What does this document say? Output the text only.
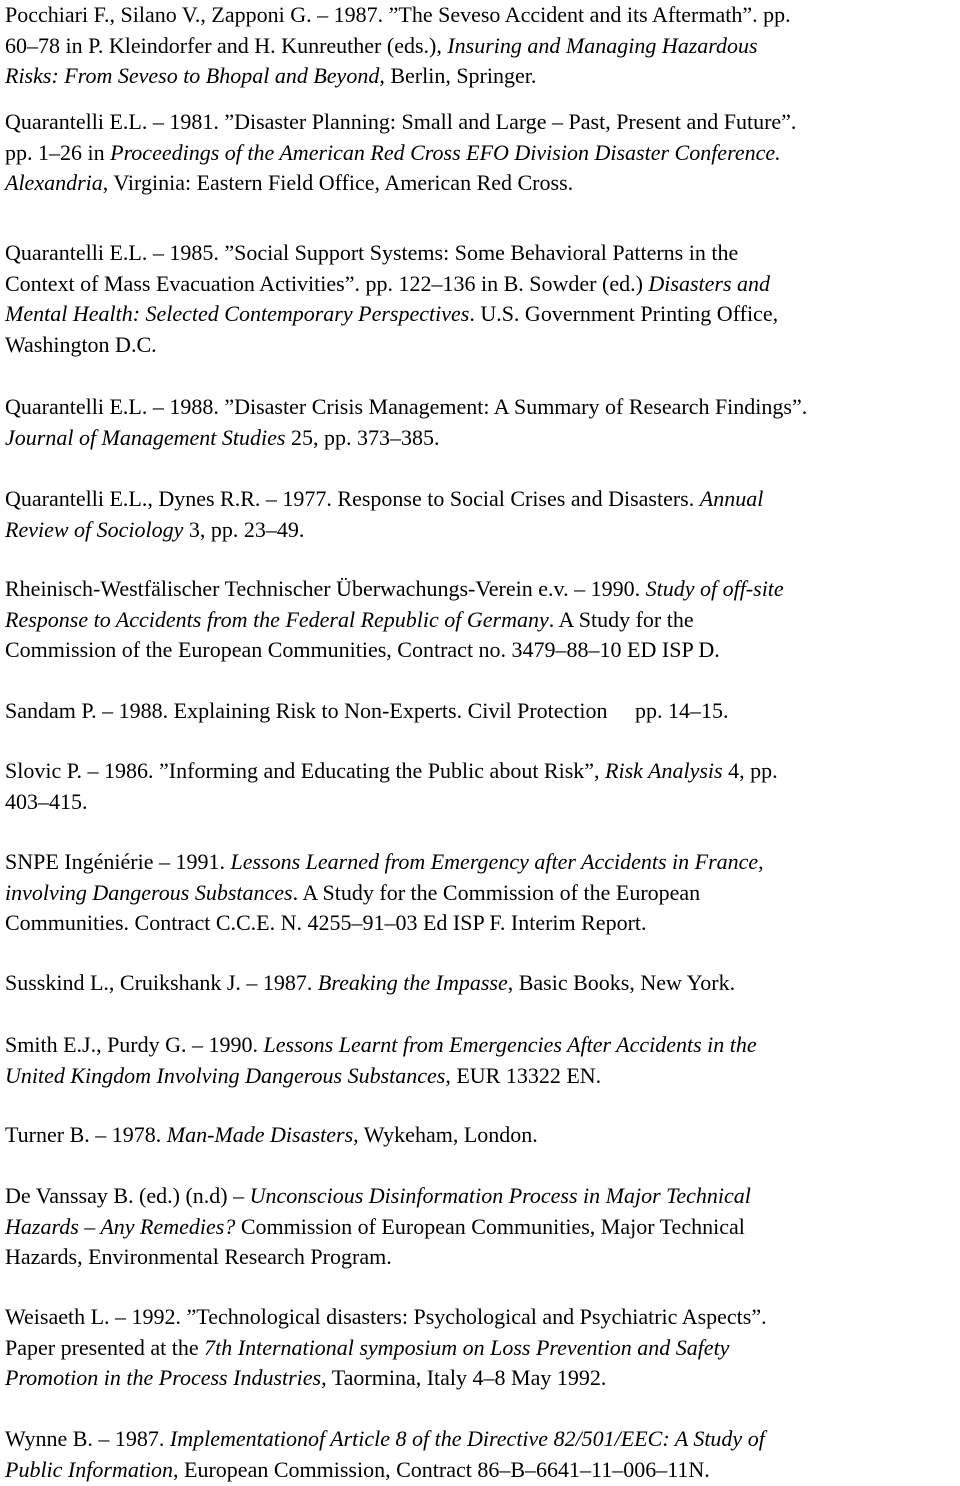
Pocchiari F., Silano V., Zapponi G. – 1987. ”The Seveso Accident and its Aftermath”. pp.
60–78 in P. Kleindorfer and H. Kunreuther (eds.), Insuring and Managing Hazardous
Risks: From Seveso to Bhopal and Beyond, Berlin, Springer.
Quarantelli E.L. – 1981. ”Disaster Planning: Small and Large – Past, Present and Future”.
pp. 1–26 in Proceedings of the American Red Cross EFO Division Disaster Conference.
Alexandria, Virginia: Eastern Field Office, American Red Cross.
Quarantelli E.L. – 1985. ”Social Support Systems: Some Behavioral Patterns in the
Context of Mass Evacuation Activities”. pp. 122–136 in B. Sowder (ed.) Disasters and
Mental Health: Selected Contemporary Perspectives. U.S. Government Printing Office,
Washington D.C.
Quarantelli E.L. – 1988. ”Disaster Crisis Management: A Summary of Research Findings”.
Journal of Management Studies 25, pp. 373–385.
Quarantelli E.L., Dynes R.R. – 1977. Response to Social Crises and Disasters. Annual
Review of Sociology 3, pp. 23–49.
Rheinisch-Westfälischer Technischer Überwachungs-Verein e.v. – 1990. Study of off-site
Response to Accidents from the Federal Republic of Germany. A Study for the
Commission of the European Communities, Contract no. 3479–88–10 ED ISP D.
Sandam P. – 1988. Explaining Risk to Non-Experts. Civil Protection     pp. 14–15.
Slovic P. – 1986. ”Informing and Educating the Public about Risk”, Risk Analysis 4, pp.
403–415.
SNPE Ingéniérie – 1991. Lessons Learned from Emergency after Accidents in France,
involving Dangerous Substances. A Study for the Commission of the European
Communities. Contract C.C.E. N. 4255–91–03 Ed ISP F. Interim Report.
Susskind L., Cruikshank J. – 1987. Breaking the Impasse, Basic Books, New York.
Smith E.J., Purdy G. – 1990. Lessons Learnt from Emergencies After Accidents in the
United Kingdom Involving Dangerous Substances, EUR 13322 EN.
Turner B. – 1978. Man-Made Disasters, Wykeham, London.
De Vanssay B. (ed.) (n.d) – Unconscious Disinformation Process in Major Technical
Hazards – Any Remedies? Commission of European Communities, Major Technical
Hazards, Environmental Research Program.
Weisaeth L. – 1992. ”Technological disasters: Psychological and Psychiatric Aspects”.
Paper presented at the 7th International symposium on Loss Prevention and Safety
Promotion in the Process Industries, Taormina, Italy 4–8 May 1992.
Wynne B. – 1987. Implementationof Article 8 of the Directive 82/501/EEC: A Study of
Public Information, European Commission, Contract 86–B–6641–11–006–11N.
